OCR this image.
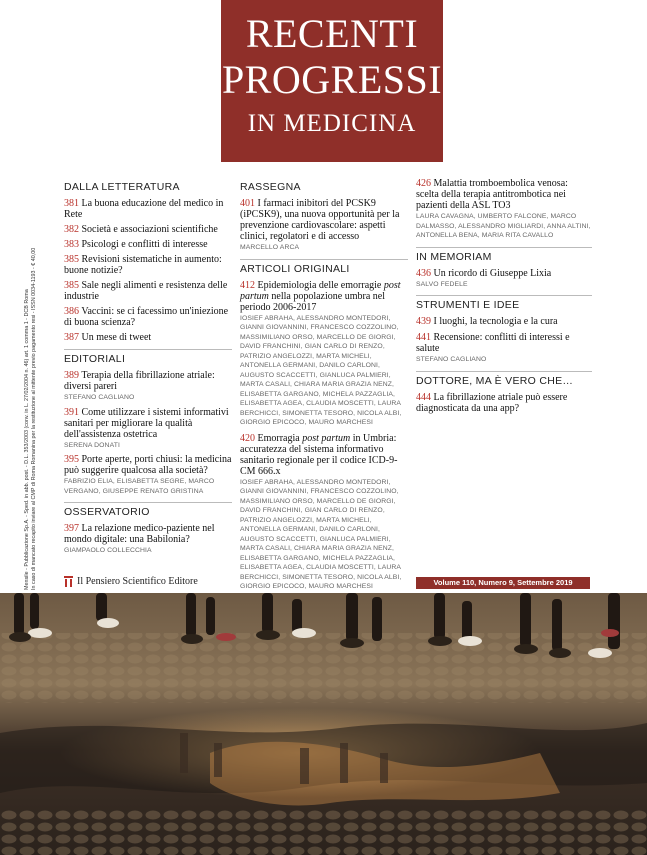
RECENTI
PROGRESSI
IN MEDICINA
Mensile - Pubblicazione Sp.A. - Sped. in abb. post. - D.L. 353/2003 (conv. in L. 27/02/2004 n. 46) art. 1 comma 1 - DCB Roma In caso di mancato recapito inviare al CMP di Roma Romanina per la restituzione al mittente previo pagamento resi - ISSN 0034-1193 - € 40,00
DALLA LETTERATURA
381 La buona educazione del medico in Rete
382 Società e associazioni scientifiche
383 Psicologi e conflitti di interesse
385 Revisioni sistematiche in aumento: buone notizie?
385 Sale negli alimenti e resistenza delle industrie
386 Vaccini: se ci facessimo un'iniezione di buona scienza?
387 Un mese di tweet
EDITORIALI
389 Terapia della fibrillazione atriale: diversi pareri
STEFANO CAGLIANO
391 Come utilizzare i sistemi informativi sanitari per migliorare la qualità dell'assistenza ostetrica
SERENA DONATI
395 Porte aperte, porti chiusi: la medicina può suggerire qualcosa alla società?
FABRIZIO ELIA, ELISABETTA SEGRE, MARCO VERGANO, GIUSEPPE RENATO GRISTINA
OSSERVATORIO
397 La relazione medico-paziente nel mondo digitale: una Babilonia?
GIAMPAOLO COLLECCHIA
RASSEGNA
401 I farmaci inibitori del PCSK9 (iPCSK9), una nuova opportunità per la prevenzione cardiovascolare: aspetti clinici, regolatori e di accesso
MARCELLO ARCA
ARTICOLI ORIGINALI
412 Epidemiologia delle emorragie post partum nella popolazione umbra nel periodo 2006-2017
IOSIEF ABRAHA, ALESSANDRO MONTEDORI, GIANNI GIOVANNINI, FRANCESCO COZZOLINO, MASSIMILIANO ORSO, MARCELLO DE GIORGI, DAVID FRANCHINI, GIAN CARLO DI RENZO, PATRIZIO ANGELOZZI, MARTA MICHELI, ANTONELLA GERMANI, DANILO CARLONI, AUGUSTO SCACCETTI, GIANLUCA PALMIERI, MARTA CASALI, CHIARA MARIA GRAZIA NENZ, ELISABETTA GARGANO, MICHELA PAZZAGLIA, ELISABETTA AGEA, CLAUDIA MOSCETTI, LAURA BERCHICCI, SIMONETTA TESORO, NICOLA ALBI, GIORGIO EPICOCO, MAURO MARCHESI
420 Emorragia post partum in Umbria: accuratezza del sistema informativo sanitario regionale per il codice ICD-9-CM 666.x
IOSIEF ABRAHA, ALESSANDRO MONTEDORI, GIANNI GIOVANNINI, FRANCESCO COZZOLINO, MASSIMILIANO ORSO, MARCELLO DE GIORGI, DAVID FRANCHINI, GIAN CARLO DI RENZO, PATRIZIO ANGELOZZI, MARTA MICHELI, ANTONELLA GERMANI, DANILO CARLONI, AUGUSTO SCACCETTI, GIANLUCA PALMIERI, MARTA CASALI, CHIARA MARIA GRAZIA NENZ, ELISABETTA GARGANO, MICHELA PAZZAGLIA, ELISABETTA AGEA, CLAUDIA MOSCETTI, LAURA BERCHICCI, SIMONETTA TESORO, NICOLA ALBI, GIORGIO EPICOCO, MAURO MARCHESI
426 Malattia tromboembolica venosa: scelta della terapia antitrombotica nei pazienti della ASL TO3
LAURA CAVAGNA, UMBERTO FALCONE, MARCO DALMASSO, ALESSANDRO MIGLIARDI, ANNA ALTINI, ANTONELLA BENA, MARIA RITA CAVALLO
IN MEMORIAM
436 Un ricordo di Giuseppe Lixia
SALVO FEDELE
STRUMENTI E IDEE
439 I luoghi, la tecnologia e la cura
441 Recensione: conflitti di interessi e salute
STEFANO CAGLIANO
DOTTORE, MA È VERO CHE…
444 La fibrillazione atriale può essere diagnosticata da una app?
Il Pensiero Scientifico Editore	Volume 110, Numero 9, Settembre 2019
